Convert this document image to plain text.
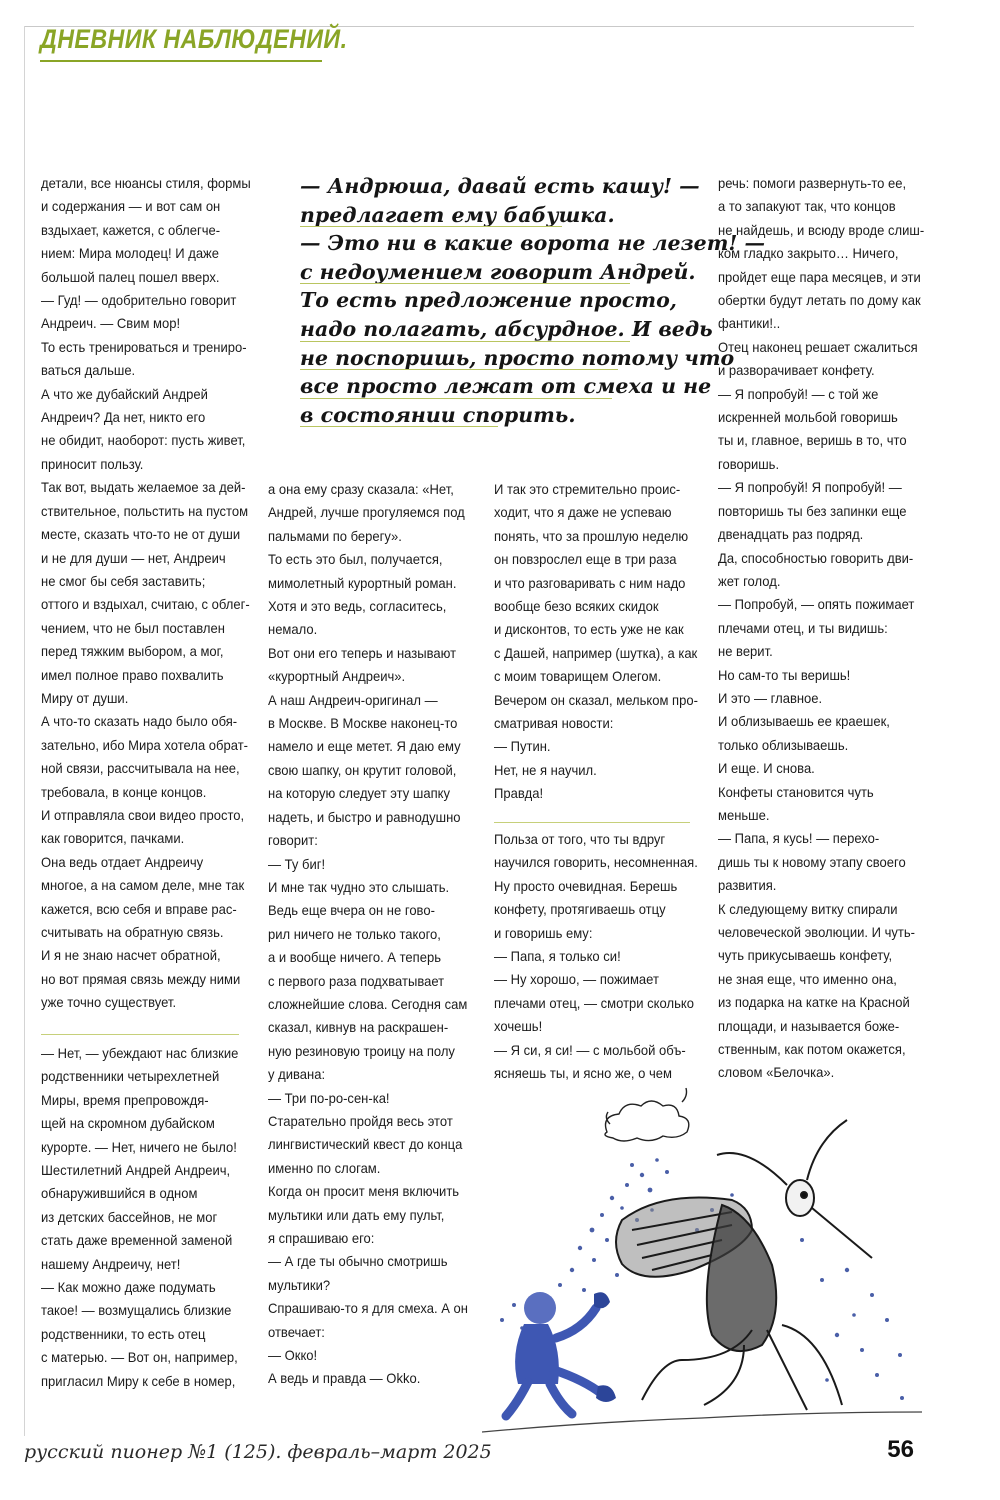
ДНЕВНИК НАБЛЮДЕНИЙ.
— Андрюша, давай есть кашу! —
предлагает ему бабушка.
— Это ни в какие ворота не лезет! —
с недоумением говорит Андрей.
То есть предложение просто,
надо полагать, абсурдное. И ведь
не поспоришь, просто потому что
все просто лежат от смеха и не
в состоянии спорить.

детали, все нюансы стиля, формы

и содержания — и вот сам он

вздыхает, кажется, с облегче-

нием: Мира молодец! И даже

большой палец пошел вверх.

— Гуд! — одобрительно говорит

Андреич. — Свим мор!

То есть тренироваться и трениро-

ваться дальше.

А что же дубайский Андрей

Андреич? Да нет, никто его

не обидит, наоборот: пусть живет,

приносит пользу.

Так вот, выдать желаемое за дей-

ствительное, польстить на пустом

месте, сказать что-то не от души

и не для души — нет, Андреич

не смог бы себя заставить;

оттого и вздыхал, считаю, с облег-

чением, что не был поставлен

перед тяжким выбором, а мог,

имел полное право похвалить

Миру от души.

А что-то сказать надо было обя-

зательно, ибо Мира хотела обрат-

ной связи, рассчитывала на нее,

требовала, в конце концов.

И отправляла свои видео просто,

как говорится, пачками.

Она ведь отдает Андреичу

многое, а на самом деле, мне так

кажется, всю себя и вправе рас-

считывать на обратную связь.

И я не знаю насчет обратной,

но вот прямая связь между ними

уже точно существует.

— Нет, — убеждают нас близкие

родственники четырехлетней

Миры, время препровождя-

щей на скромном дубайском

курорте. — Нет, ничего не было!

Шестилетний Андрей Андреич,

обнаружившийся в одном

из детских бассейнов, не мог

стать даже временной заменой

нашему Андреичу, нет!

— Как можно даже подумать

такое! — возмущались близкие

родственники, то есть отец

с матерью. — Вот он, например,

пригласил Миру к себе в номер,

а она ему сразу сказала: «Нет,

Андрей, лучше прогуляемся под

пальмами по берегу».

То есть это был, получается,

мимолетный курортный роман.

Хотя и это ведь, согласитесь,

немало.

Вот они его теперь и называют

«курортный Андреич».

А наш Андреич-оригинал —

в Москве. В Москве наконец-то

намело и еще метет. Я даю ему

свою шапку, он крутит головой,

на которую следует эту шапку

надеть, и быстро и равнодушно

говорит:

— Ту биг!

И мне так чудно это слышать.

Ведь еще вчера он не гово-

рил ничего не только такого,

а и вообще ничего. А теперь

с первого раза подхватывает

сложнейшие слова. Сегодня сам

сказал, кивнув на раскрашен-

ную резиновую троицу на полу

у дивана:

— Три по-ро-сен-ка!

Старательно пройдя весь этот

лингвистический квест до конца

именно по слогам.

Когда он просит меня включить

мультики или дать ему пульт,

я спрашиваю его:

— А где ты обычно смотришь

мультики?

Спрашиваю-то я для смеха. А он

отвечает:

— Окко!

А ведь и правда — Okko.

И так это стремительно проис-

ходит, что я даже не успеваю

понять, что за прошлую неделю

он повзрослел еще в три раза

и что разговаривать с ним надо

вообще безо всяких скидок

и дисконтов, то есть уже не как

с Дашей, например (шутка), а как

с моим товарищем Олегом.

Вечером он сказал, мельком про-

сматривая новости:

— Путин.

Нет, не я научил.

Правда!

Польза от того, что ты вдруг

научился говорить, несомненная.

Ну просто очевидная. Берешь

конфету, протягиваешь отцу

и говоришь ему:

— Папа, я только си!

— Ну хорошо, — пожимает

плечами отец, — смотри сколько

хочешь!

— Я си, я си! — с мольбой объ-

ясняешь ты, и ясно же, о чем

речь: помоги развернуть-то ее,

а то запакуют так, что концов

не найдешь, и всюду вроде слиш-

ком гладко закрыто… Ничего,

пройдет еще пара месяцев, и эти

обертки будут летать по дому как

фантики!..

Отец наконец решает сжалиться

и разворачивает конфету.

— Я попробуй! — с той же

искренней мольбой говоришь

ты и, главное, веришь в то, что

говоришь.

— Я попробуй! Я попробуй! —

повторишь ты без запинки еще

двенадцать раз подряд.

Да, способностью говорить дви-

жет голод.

— Попробуй, — опять пожимает

плечами отец, и ты видишь:

не верит.

Но сам-то ты веришь!

И это — главное.

И облизываешь ее краешек,

только облизываешь.

И еще. И снова.

Конфеты становится чуть

меньше.

— Папа, я кусь! — перехо-

дишь ты к новому этапу своего

развития.

К следующему витку спирали

человеческой эволюции. И чуть-

чуть прикусываешь конфету,

не зная еще, что именно она,

из подарка на катке на Красной

площади, и называется боже-

ственным, как потом окажется,

словом «Белочка».

русский пионер №1 (125). февраль–март 2025	56
